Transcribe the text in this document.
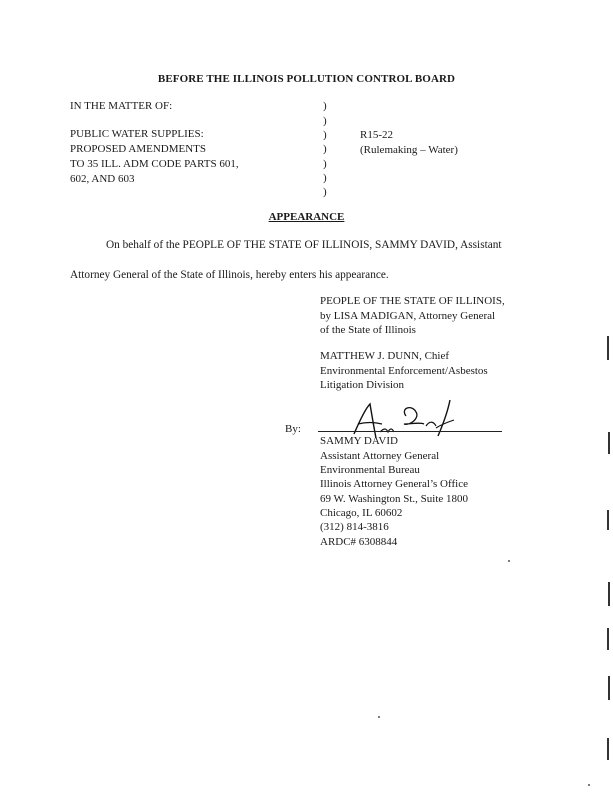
BEFORE THE ILLINOIS POLLUTION CONTROL BOARD
IN THE MATTER OF:
PUBLIC WATER SUPPLIES:
PROPOSED AMENDMENTS
TO 35 ILL. ADM CODE PARTS 601,
602, AND 603
)
)
)
)
)
)
)
R15-22
(Rulemaking – Water)
APPEARANCE
On behalf of the PEOPLE OF THE STATE OF ILLINOIS, SAMMY DAVID, Assistant
Attorney General of the State of Illinois, hereby enters his appearance.
PEOPLE OF THE STATE OF ILLINOIS,
by LISA MADIGAN, Attorney General
of the State of Illinois
MATTHEW J. DUNN, Chief
Environmental Enforcement/Asbestos
Litigation Division
By:
SAMMY DAVID
Assistant Attorney General
Environmental Bureau
Illinois Attorney General’s Office
69 W. Washington St., Suite 1800
Chicago, IL 60602
(312) 814-3816
ARDC# 6308844
